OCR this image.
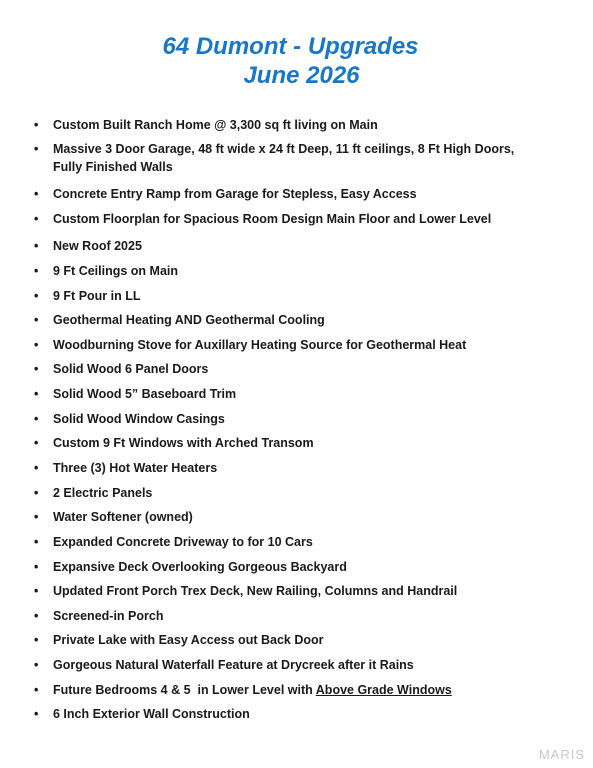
64 Dumont - Upgrades
June 2026
• Custom Built Ranch Home @ 3,300 sq ft living on Main
• Massive 3 Door Garage, 48 ft wide x 24 ft Deep, 11 ft ceilings, 8 Ft High Doors, Fully Finished Walls
• Concrete Entry Ramp from Garage for Stepless, Easy Access
• Custom Floorplan for Spacious Room Design Main Floor and Lower Level
• New Roof 2025
• 9 Ft Ceilings on Main
• 9 Ft Pour in LL
• Geothermal Heating AND Geothermal Cooling
• Woodburning Stove for Auxillary Heating Source for Geothermal Heat
• Solid Wood 6 Panel Doors
• Solid Wood 5” Baseboard Trim
• Solid Wood Window Casings
• Custom 9 Ft Windows with Arched Transom
• Three (3) Hot Water Heaters
• 2 Electric Panels
• Water Softener (owned)
• Expanded Concrete Driveway to for 10 Cars
• Expansive Deck Overlooking Gorgeous Backyard
• Updated Front Porch Trex Deck, New Railing, Columns and Handrail
• Screened-in Porch
• Private Lake with Easy Access out Back Door
• Gorgeous Natural Waterfall Feature at Drycreek after it Rains
• Future Bedrooms 4 & 5  in Lower Level with Above Grade Windows
• 6 Inch Exterior Wall Construction
MARIS
